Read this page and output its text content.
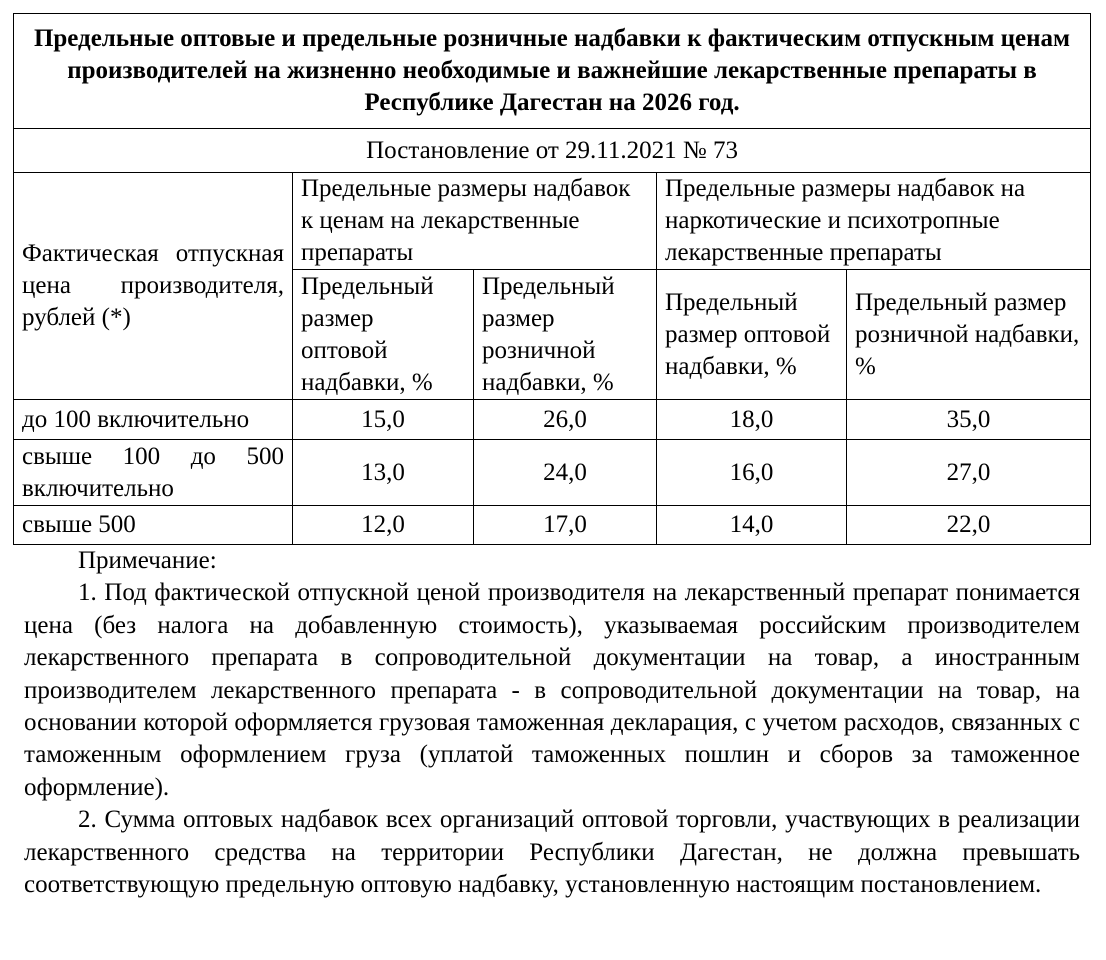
Предельные оптовые и предельные розничные надбавки к фактическим отпускным ценам производителей на жизненно необходимые и важнейшие лекарственные препараты в Республике Дагестан на 2026 год.				
Постановление от 29.11.2021 № 73				
Фактическая отпускная цена производителя, рублей (*)	Предельные размеры надбавок к ценам на лекарственные препараты		Предельные размеры надбавок на наркотические и психотропные лекарственные препараты	
	Предельный размер оптовой надбавки, %	Предельный размер розничной надбавки, %	Предельный размер оптовой надбавки, %	Предельный размер розничной надбавки, %
до 100 включительно	15,0	26,0	18,0	35,0
свыше 100 до 500 включительно	13,0	24,0	16,0	27,0
свыше 500	12,0	17,0	14,0	22,0

Примечание:

1. Под фактической отпускной ценой производителя на лекарственный препарат понимается цена (без налога на добавленную стоимость), указываемая российским производителем лекарственного препарата в сопроводительной документации на товар, а иностранным производителем лекарственного препарата - в сопроводительной документации на товар, на основании которой оформляется грузовая таможенная декларация, с учетом расходов, связанных с таможенным оформлением груза (уплатой таможенных пошлин и сборов за таможенное оформление).

2. Сумма оптовых надбавок всех организаций оптовой торговли, участвующих в реализации лекарственного средства на территории Республики Дагестан, не должна превышать соответствующую предельную оптовую надбавку, установленную настоящим постановлением.
